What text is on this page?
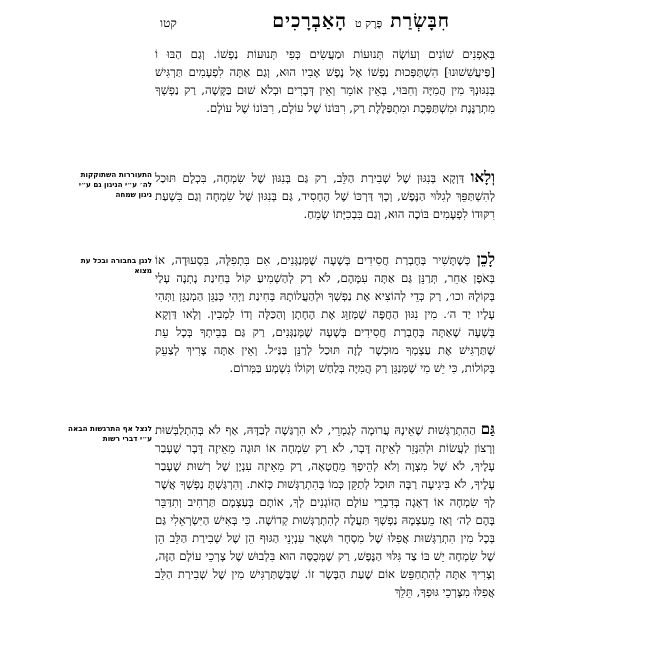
חִבָּשְׂרַת
פֶּרֶק ט
הָאַבְרָכִים
קטו
בְּאָפְנִים שׁוֹנִים וְעוֹשָׂה תְּנוּעוֹת וּמַעֲשִׂים כְּפִי תְּנוּעוֹת נַפְשׁוֹ. וְגַם הַבּוּ וֹ [פַּיעֲשִׁשׁוּנוּ] הִשְׁתַּפְּכוּת נַפְשׁוֹ אֶל נֶפֶשׁ אָבִיו הוּא, וְגַם אַתָּה לִפְעָמִים תַּרְגִּישׁ בְּנִגּוּנְךָ מִין הֲמִיָּה וְחִבּוּי, בְּאֵין אוֹמֵר וְאֵין דְּבָרִים וּבְלֹא שׁוּם בַּקָּשָׁה, רַק נַפְשְׁךָ מִתְרַנֶּנֶת וּמִשְׁתַּפֶּכֶת וּמִתְפַּלֶּלֶת רַק, רִבּוֹנוֹ שֶׁל עוֹלָם, רִבּוֹנוֹ שֶׁל עוֹלָם.
וְלָאו דַּוְקָא בְּנִגּוּן שֶׁל שְׁבִירַת הַלֵּב, רַק גַּם בְּנִגּוּן שֶׁל שִׂמְחָה, בִּכְלָם תּוּכַל לְהִשְׁתַּפֵּךְ לְגִלּוּי הַנֶּפֶשׁ, וְכָךְ דַּרְכּוֹ שֶׁל הֶחָסִיד, גַּם בְּנִגּוּן שֶׁל שִׂמְחָה וְגַם בִּשְׁעַת רִקּוּדוֹ לִפְעָמִים בּוֹכֶה הוּא, וְגַם בִּבְכִיָּתוֹ שָׂמֵחַ.
לָכֵן כְּשֶׁתָּשִׁיר בְּחֶבְרַת חֲסִידִים בְּשָׁעָה שֶׁמְּנַגְּנִים, אִם בִּתְפִלָּה, בִּסְעוּדָה, אוֹ בְּאֹפֶן אַחֵר, תְּרַנֵּן גַּם אַתָּה עִמָּהֶם, לֹא רַק לְהַשְׁמִיעַ קוֹל בְּחִינַת נָתְנָה עָלַי בְּקוֹלָהּ וכו׳, רַק כְּדֵי לְהוֹצִיא אֶת נַפְשְׁךָ וּלְהַעֲלוֹתָהּ בְּחִינַת וַיְהִי כְּנַגֵּן הַמְנַגֵּן וַתְּהִי עָלָיו יַד ה׳. מִין נִגּוּן הַחֲפָּה שֶׁמְּזַוֵּג אֶת הֶחָתָן וְהַכַּלָּה וְדוֹ לִמְבִין. וְלָאו דַּוְקָא בְּשָׁעָה שֶׁאַתָּה בְּחֶבְרַת חֲסִידִים בְּשָׁעָה שֶׁמְּנַגְּנִים, רַק גַּם בְּבֵיתְךָ בְּכָל עֵת שֶׁתַּרְגִּישׁ אֶת עַצְמְךָ מוּכְשָׁר לָזֶה תּוּכַל לְרַנֵּן בַּנַּ״ל. וְאֵין אַתָּה צָרִיךְ לְצַעֵק בְּקוֹלוֹת, כִּי יֵשׁ מִי שֶׁמְּנַגֵּן רַק הֲמִיָּה בְּלַחַשׁ וְקוֹלוֹ נִשְׁמָע בַּמְּרוֹם.
גַּם הַהִתְרַגְּשׁוּת שֶׁאֵינָהּ עֲרוּמָה לְגַמְרֵי, לֹא הִרְגַּשָׁה לְבַדָּהּ, אַף לֹא בְּהִתְלַבְּשׁוּת וְרָצוֹן לַעֲשׂוֹת וּלְהִנָּזֵר לְאֵיזֶה דָּבָר, לֹא רַק שִׂמְחָה אוֹ תּוּגָה מֵאֵיזֶה דָּבָר שֶׁעָבַר עָלֶיךָ, לֹא שֶׁל מִצְוָה וְלֹא לְהֵיפֶךְ מֵחֲטָאָה, רַק מֵאֵיזֶה עִנְיָן שֶׁל רְשׁוּת שֶׁעָבַר עָלֶיךָ, לֹא בִּיגִיעָה רַבָּה תּוּכַל לְתַקֵּן כְּמוֹ בְּהִתְרַגְּשׁוּת כָּזֹאת. וְהִרְגַּשְׁתָּ נַפְשְׁךָ אֲשֶׁר לְךָ שִׂמְחָה אוֹ דְאָגָה בְּדִבְרֵי עוֹלָם הַזּוֹגְנִים לְךָ, אוֹתָם בְּעַצְמָם תַּרְחִיב וְתִדַּבֵּר בָּהֶם לַה׳ וְאַז מֵעַצְמָהּ נַפְשְׁךָ תַּעֲלֶה לְהִתְרַגְּשׁוּת קְדוֹשָׁה. כִּי בְּאִישׁ הַיִּשְׂרְאֵלִי גַּם בְּכָל מִין הִתְרַגְּשׁוּת אֲפִלּוּ שֶׁל מִסְחָר וּשְׁאָר עִנְיְנֵי הַגּוּף הֵן שֶׁל שְׁבִירַת הַלֵּב הֵן שֶׁל שִׂמְחָה יֵשׁ בּוֹ צַד גִּלּוּי הַנֶּפֶשׁ, רַק שֶׁמְּכֻסֶּה הוּא בִּלְבוּשׁ שֶׁל צָרְכֵי עוֹלָם הַזֶּה, וְצָרִיךְ אַתָּה לְהִתְחַפֵּשׂ אוֹם שֶׁעַת הַבָּשָׂר זוֹ. שֶׁבְּשֶׁתַּרְגִּישׁ מִין שֶׁל שְׁבִירַת הַלֵּב אֲפִלּוּ מִצָּרְכֵי גּוּפְךָ, תֵּלֵךְ
התעוררות השתוקקות לה׳ ע״י הניגון גם ע״י ניגון שמחה
לנגן בחבורה ובכל עת מצוא
לנצל אף התרגשות הבאה ע״י דברי רשות
